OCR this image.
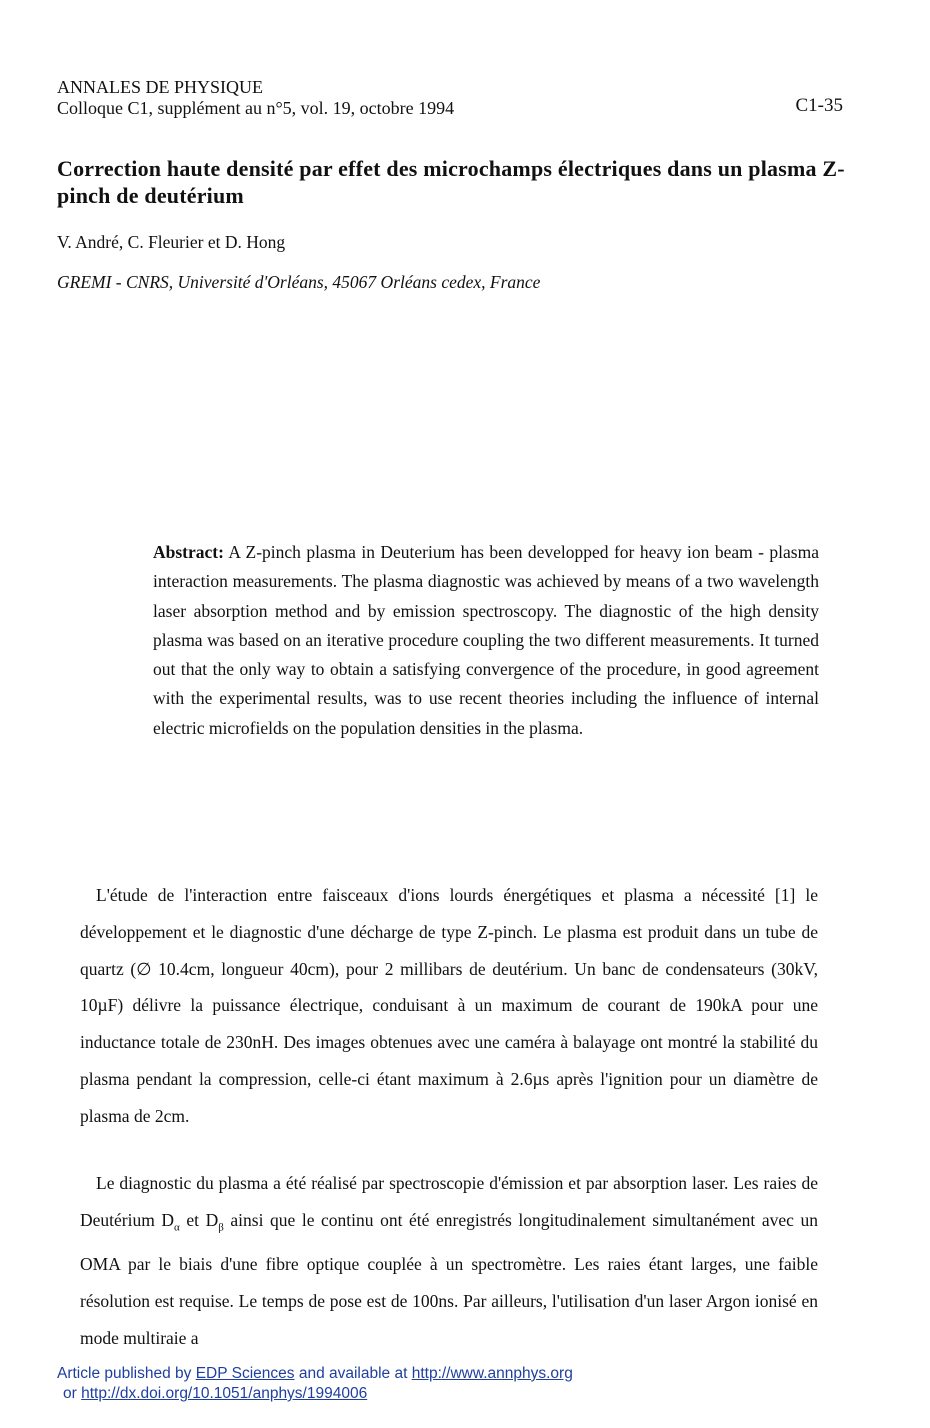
ANNALES DE PHYSIQUE
Colloque C1, supplément au n°5, vol. 19, octobre 1994	C1-35
Correction haute densité par effet des microchamps électriques dans un plasma Z-pinch de deutérium
V. André, C. Fleurier et D. Hong
GREMI - CNRS, Université d'Orléans, 45067 Orléans cedex, France
Abstract: A Z-pinch plasma in Deuterium has been developped for heavy ion beam - plasma interaction measurements. The plasma diagnostic was achieved by means of a two wavelength laser absorption method and by emission spectroscopy. The diagnostic of the high density plasma was based on an iterative procedure coupling the two different measurements. It turned out that the only way to obtain a satisfying convergence of the procedure, in good agreement with the experimental results, was to use recent theories including the influence of internal electric microfields on the population densities in the plasma.
L'étude de l'interaction entre faisceaux d'ions lourds énergétiques et plasma a nécessité [1] le développement et le diagnostic d'une décharge de type Z-pinch. Le plasma est produit dans un tube de quartz (∅ 10.4cm, longueur 40cm), pour 2 millibars de deutérium. Un banc de condensateurs (30kV, 10µF) délivre la puissance électrique, conduisant à un maximum de courant de 190kA pour une inductance totale de 230nH. Des images obtenues avec une caméra à balayage ont montré la stabilité du plasma pendant la compression, celle-ci étant maximum à 2.6µs après l'ignition pour un diamètre de plasma de 2cm.
Le diagnostic du plasma a été réalisé par spectroscopie d'émission et par absorption laser. Les raies de Deutérium $D_\alpha$ et $D_\beta$ ainsi que le continu ont été enregistrés longitudinalement simultanément avec un OMA par le biais d'une fibre optique couplée à un spectromètre. Les raies étant larges, une faible résolution est requise. Le temps de pose est de 100ns. Par ailleurs, l'utilisation d'un laser Argon ionisé en mode multiraie a
Article published by EDP Sciences and available at http://www.annphys.org
or http://dx.doi.org/10.1051/anphys/1994006
